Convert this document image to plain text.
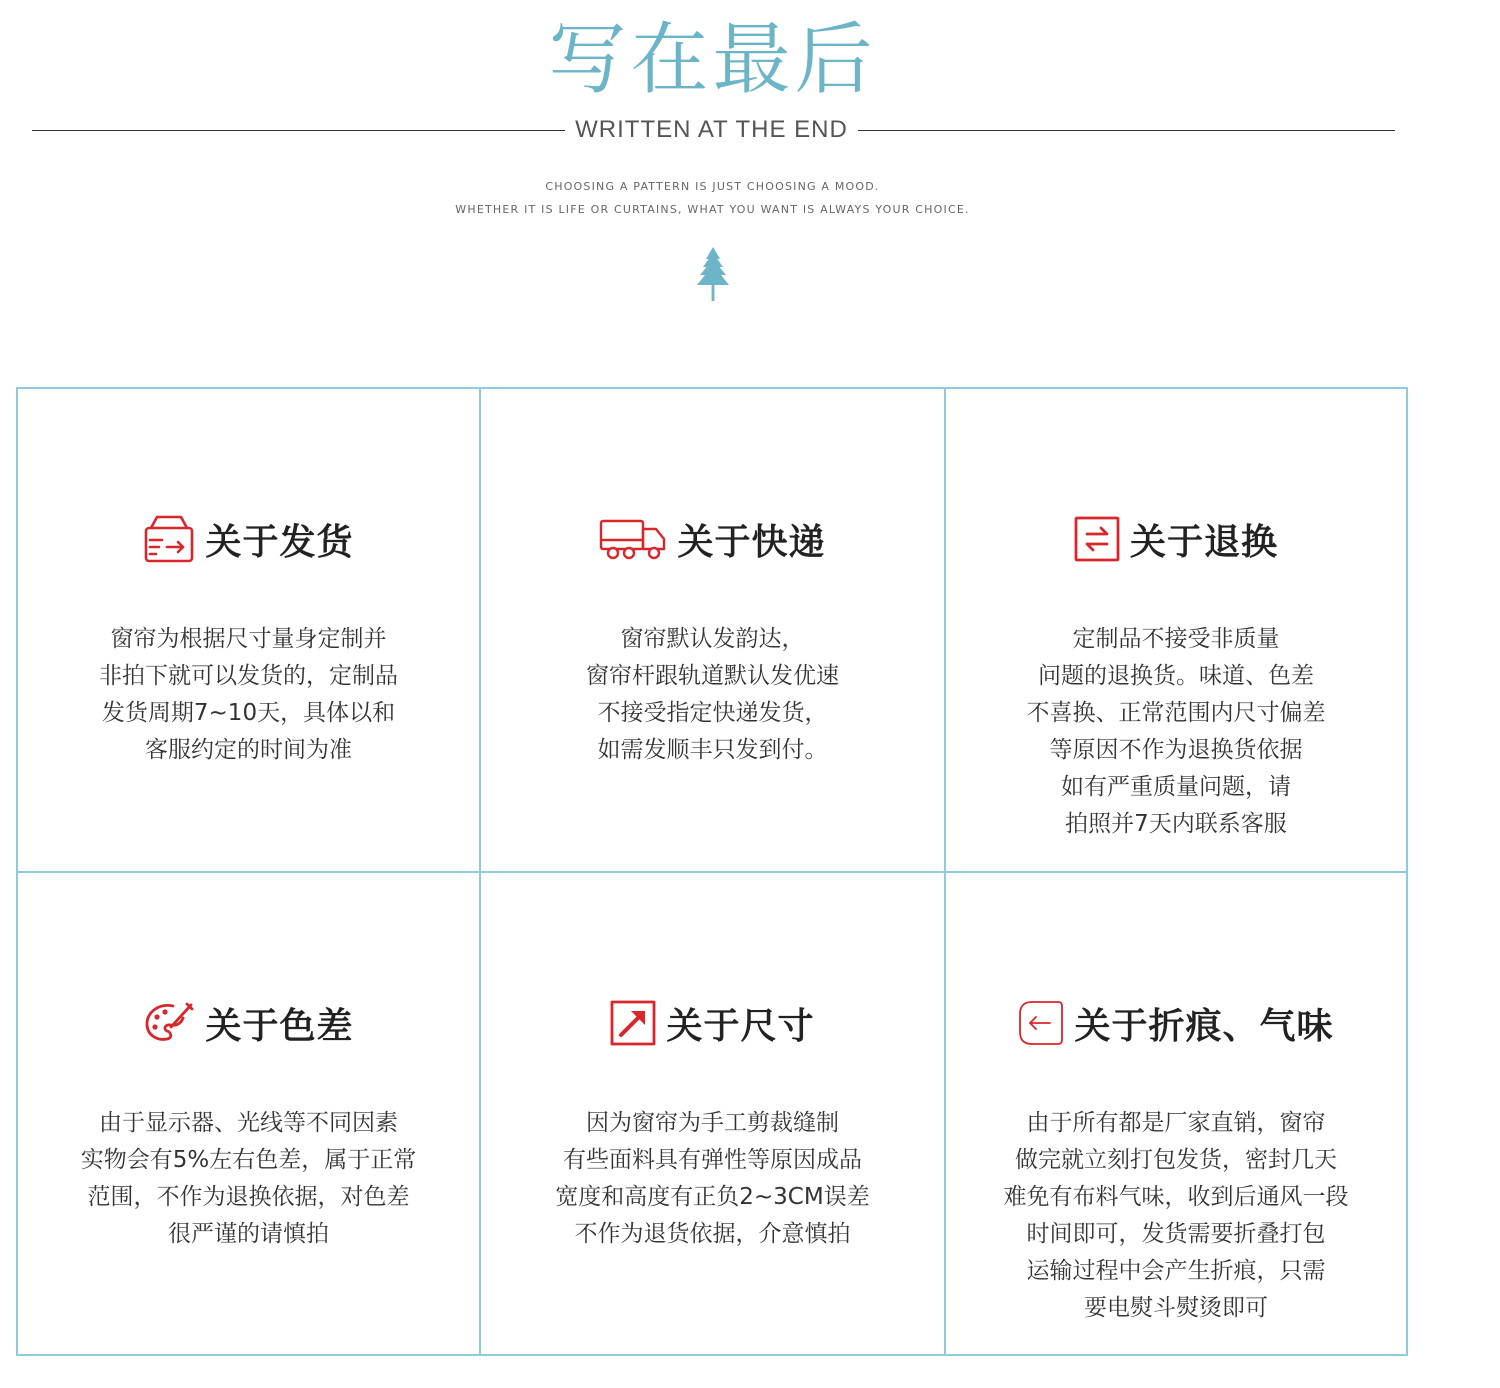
写在最后
WRITTEN AT THE END
CHOOSING A PATTERN IS JUST CHOOSING A MOOD.
WHETHER IT IS LIFE OR CURTAINS, WHAT YOU WANT IS ALWAYS YOUR CHOICE.
关于发货
窗帘为根据尺寸量身定制并
非拍下就可以发货的，定制品
发货周期7~10天，具体以和
客服约定的时间为准
关于快递
窗帘默认发韵达，
窗帘杆跟轨道默认发优速
不接受指定快递发货，
如需发顺丰只发到付。
关于退换
定制品不接受非质量
问题的退换货。味道、色差
不喜换、正常范围内尺寸偏差
等原因不作为退换货依据
如有严重质量问题，请
拍照并7天内联系客服
关于色差
由于显示器、光线等不同因素
实物会有5%左右色差，属于正常
范围，不作为退换依据，对色差
很严谨的请慎拍
关于尺寸
因为窗帘为手工剪裁缝制
有些面料具有弹性等原因成品
宽度和高度有正负2~3CM误差
不作为退货依据，介意慎拍
关于折痕、气味
由于所有都是厂家直销，窗帘
做完就立刻打包发货，密封几天
难免有布料气味，收到后通风一段
时间即可，发货需要折叠打包
运输过程中会产生折痕，只需
要电熨斗熨烫即可
